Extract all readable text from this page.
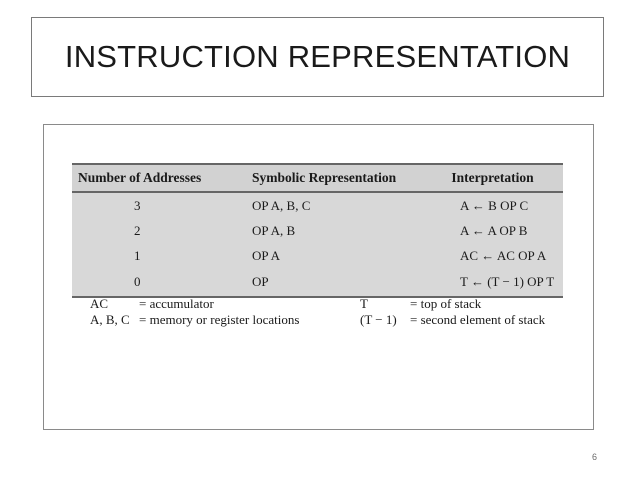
INSTRUCTION REPRESENTATION
Number of Addresses	Symbolic Representation	Interpretation
3	OP A, B, C	A ← B OP C
2	OP A, B	A ← A OP B
1	OP A	AC ← AC OP A
0	OP	T ← (T − 1) OP T
AC = accumulator	T	= top of stack
A, B, C = memory or register locations	(T − 1) = second element of stack
6
